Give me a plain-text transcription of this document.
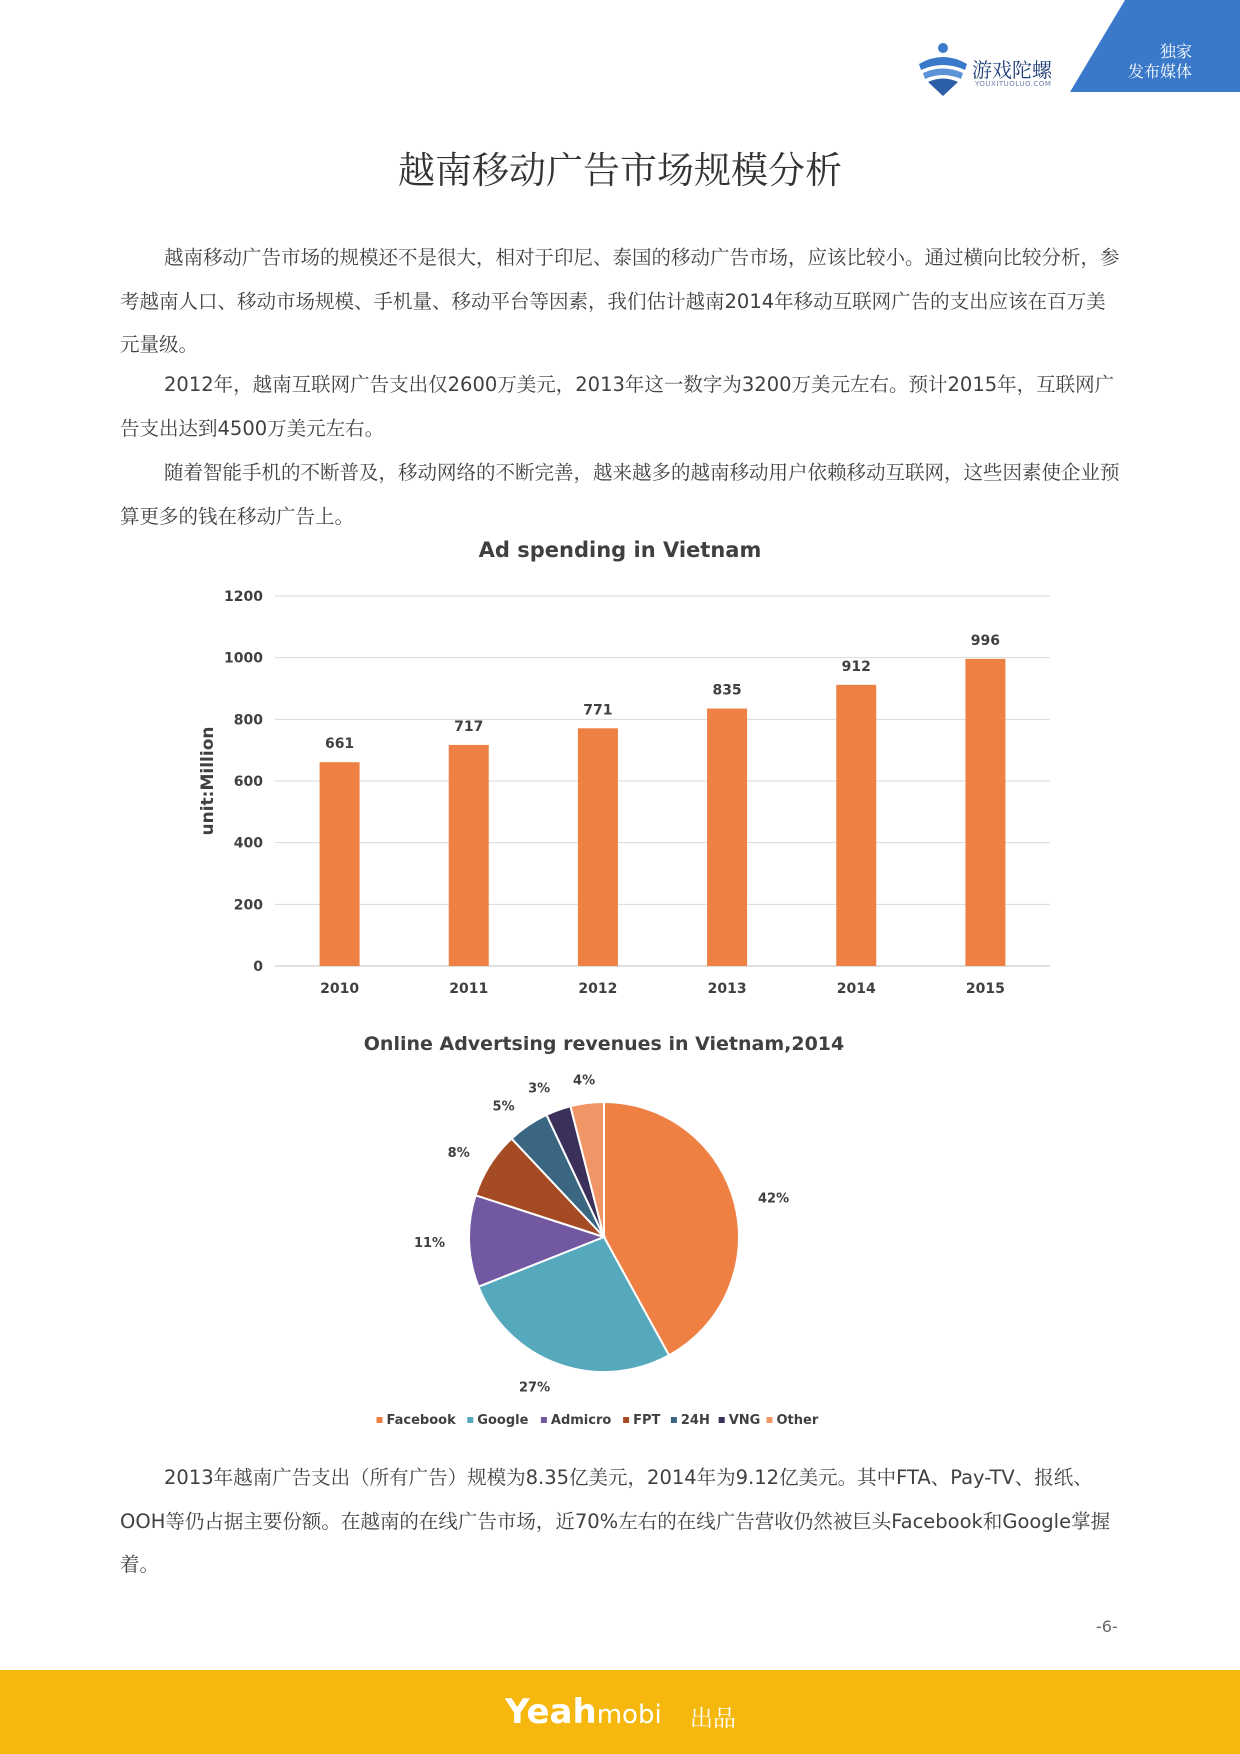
游戏陀螺
YOUXITUOLUO.COM
独家
发布媒体
越南移动广告市场规模分析

越南移动广告市场的规模还不是很大，相对于印尼、泰国的移动广告市场，应该比较小。通过横向比较分析，参考越南人口、移动市场规模、手机量、移动平台等因素，我们估计越南2014年移动互联网广告的支出应该在百万美元量级。

2012年，越南互联网广告支出仅2600万美元，2013年这一数字为3200万美元左右。预计2015年，互联网广告支出达到4500万美元左右。

随着智能手机的不断普及，移动网络的不断完善，越来越多的越南移动用户依赖移动互联网，这些因素使企业预算更多的钱在移动广告上。

Ad spending in Vietnam
0
200
400
600
800
1000
1200
unit:Million	661
2010
717
2011
771
2012
835
2013
912
2014
996
2015
Online Advertsing revenues in Vietnam,2014
42%
27%
11%
8%
5%
3%
4%
Facebook Google Admicro FPT 24H VNG Other

2013年越南广告支出（所有广告）规模为8.35亿美元，2014年为9.12亿美元。其中FTA、Pay-TV、报纸、OOH等仍占据主要份额。在越南的在线广告市场，近70%左右的在线广告营收仍然被巨头Facebook和Google掌握着。

-6-
Yeahmobi 出品
